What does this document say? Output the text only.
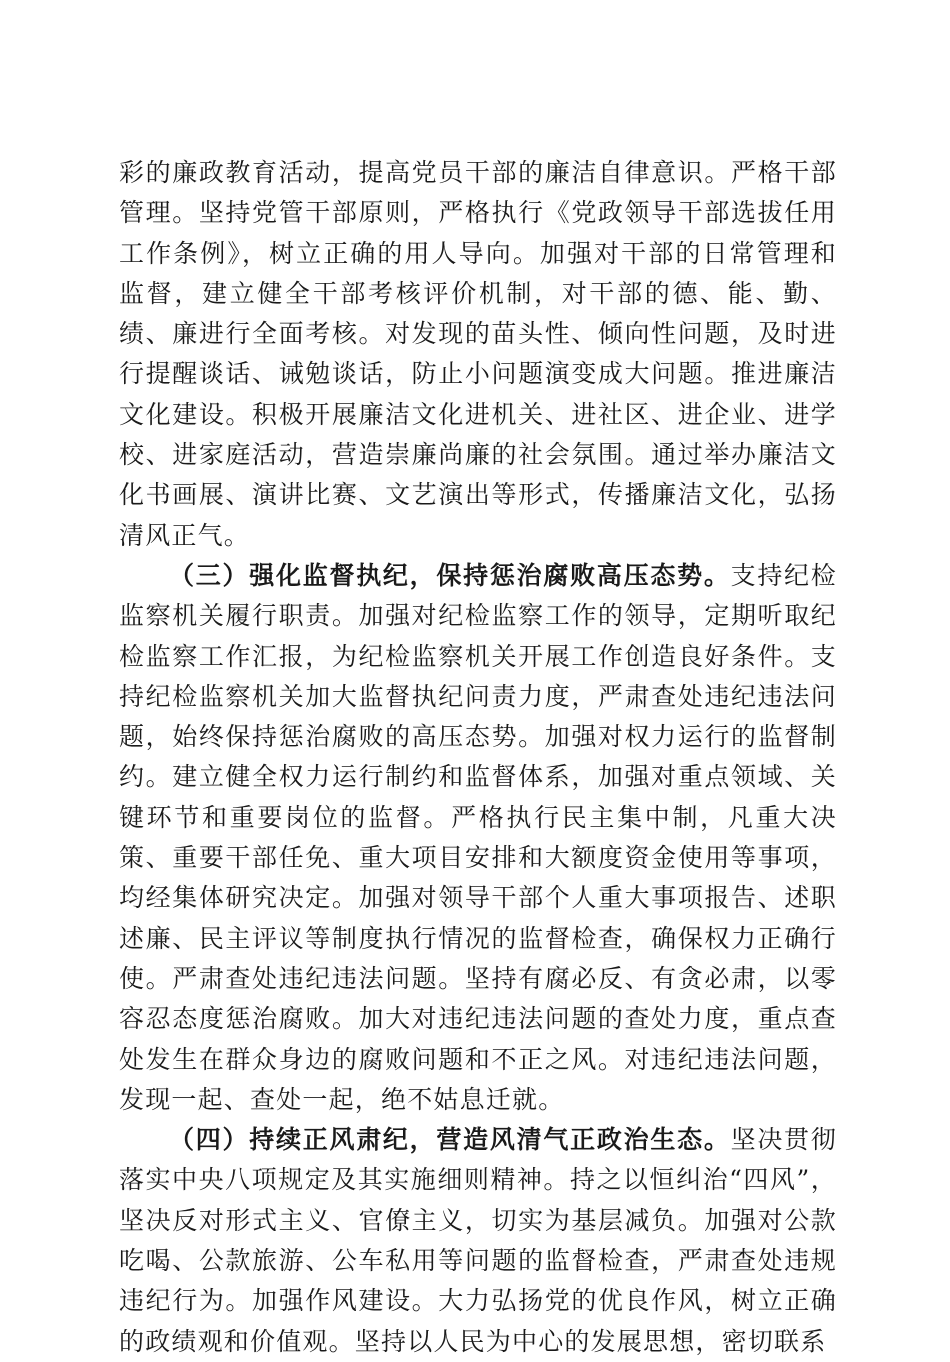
彩的廉政教育活动，提高党员干部的廉洁自律意识。严格干部管理。坚持党管干部原则，严格执行《党政领导干部选拔任用工作条例》，树立正确的用人导向。加强对干部的日常管理和监督，建立健全干部考核评价机制，对干部的德、能、勤、绩、廉进行全面考核。对发现的苗头性、倾向性问题，及时进行提醒谈话、诫勉谈话，防止小问题演变成大问题。推进廉洁文化建设。积极开展廉洁文化进机关、进社区、进企业、进学校、进家庭活动，营造崇廉尚廉的社会氛围。通过举办廉洁文化书画展、演讲比赛、文艺演出等形式，传播廉洁文化，弘扬清风正气。

（三）强化监督执纪，保持惩治腐败高压态势。支持纪检监察机关履行职责。加强对纪检监察工作的领导，定期听取纪检监察工作汇报，为纪检监察机关开展工作创造良好条件。支持纪检监察机关加大监督执纪问责力度，严肃查处违纪违法问题，始终保持惩治腐败的高压态势。加强对权力运行的监督制约。建立健全权力运行制约和监督体系，加强对重点领域、关键环节和重要岗位的监督。严格执行民主集中制，凡重大决策、重要干部任免、重大项目安排和大额度资金使用等事项，均经集体研究决定。加强对领导干部个人重大事项报告、述职述廉、民主评议等制度执行情况的监督检查，确保权力正确行使。严肃查处违纪违法问题。坚持有腐必反、有贪必肃，以零容忍态度惩治腐败。加大对违纪违法问题的查处力度，重点查处发生在群众身边的腐败问题和不正之风。对违纪违法问题，发现一起、查处一起，绝不姑息迁就。

（四）持续正风肃纪，营造风清气正政治生态。坚决贯彻落实中央八项规定及其实施细则精神。持之以恒纠治“四风”，坚决反对形式主义、官僚主义，切实为基层减负。加强对公款吃喝、公款旅游、公车私用等问题的监督检查，严肃查处违规违纪行为。加强作风建设。大力弘扬党的优良作风，树立正确的政绩观和价值观。坚持以人民为中心的发展思想，密切联系
